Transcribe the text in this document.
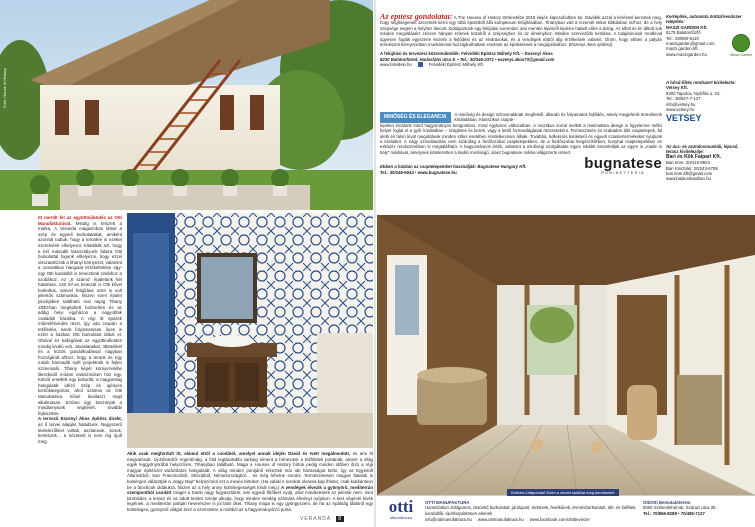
Fotó: House of History
Itt merült fel az együttműködés az Otti Manufaktúrával. Mindig is tetszett a márka. A Veranda magazinban láttuk a szép és egyedi burkolataikat, amiként azonnal tudtuk, hogy a terünkre is ezeket szeretnénk elhelyezni. Kitalálták azt, hogy a két második lakosztályunk falaira Otti burkolattal fogunk elhelyezni, hogy ezzel visszaidézzük a tihanyi környezet, valamint a romantikus hangulat érzékeltetése egy-egy Otti kandallót is terveztünk szabihoz a szobához. Az „6 számú” épületünk két hatalmas, 120 m²-es teraszát is Otti kővel burkoltuk, amivel felújítása szint is volt jelentős számunkra, hiszen ezen épület pincéjében található mai napig Tihany 1830-ban megépített borborítés és az addig helyi egyházon a nagyobbik családok házaiba. A régi itt épszek műemlékvédeti részt, így oda csupán a tetőfedés, sarok folyamatosan, ilyen is ezért a házban Otti burkolatot láttuk el. Ottóval és kollégáival az együttműködés mindig kiváló volt. Javaslataikat, ötleteikkel és a közös gondolkodással nagyban hozzájárult ahhoz, hogy a terünk és egy másik harmadik nyílt projektünk is fejlen színvonalú. Tihany képét környezetébe illeszkedő módon valószínűsen hoz egy. Külsőt emellett egy kulturált, a magyarság hangulatát idéző szép és igényes biztrókategórias, ahol számos az Otti Manufaktúra kővel kiválaszt majd alkalmasan. Ezúton úgy köszönjük a mindannyiunk segítését, további fejlesztése.
A tervező Eszenyi Ákos építész direkt, az ő tervei alapján haladtunk. Nagyszerű kivitelezőkkel voltak, asztalosok, ácsok, kertészek… a nézetető is nem rég újult meg.
Akik csak megfordult itt, elámul ettől a csodától, amelyet annak idején Dávid és Ivett megálmodott, és ami ítt megvalósult. Új-Zélandról Argentínáig, a föld legtávolabbi sarkaig elment a hírnevünk a külföldiek portának, amiért a világ egyik leggyönyörűbb helyszínén, Tihanyban található. Maga a Houses of History bírtok pedig minden időben őrizi a régi magyar építészet varázslatos hangulatát. A világ minden pontjáról érkeztek már ide házasságot kötni, így az Egyesült Államokból, San Franciscóból, Skóciából, Németországból… és még lehetne sorolni. Természetesen magyar fiatalok is bolsérgen választják a „Nagy Nap” helyszínéül ezt a mesés birtokot. (Ha valaki e sorokat olvasva kap ihletet, csak kukkantson be a facebook oldalukra, hiszen az a hely annyi különlegességet kínál még.) A vendégek élvezik a gyönyörű, mediterrán szempontból csodált zsaget a Sanki nagy fogyasztókör, ami egyedi fűtőkert nyújt, ahol mindenkinek ez jelentik nem, mint bimbóidet, a terasz és az adott terület szintje alkotja, hogy minden vendég számára élményt nyújtson. A kert végénél kivék legelnek, a mediterrán partján heverészve is jól látni őket. Tihany maga is egy gyöngyszem, de ha az Apátság tábláról egy különleges, gyönyörű világot érez a szemünkre a múltból az a hagyományőrző porta.
VERANDA 8
Az építész gondolatai: A The Houses of History történetébe 2019 elején kapcsolódtam be. Dávidék azzal a kéréssel kerestek meg, hogy segítségemet szeretnék kérni egy több épületből álló komplexum felújításában. Tihanyban várt a rezervét ekkor kilátásban vízhez, de a hely szépsége engem a helyhez láncolt. Kidolgoztunk egy felújítási sorrendet, ami mentén lépésről lépésre haladt előre a dolog. Az elfelt és én álltott sok minden megoldásért. Hiszen hányan értenek közelről a szépséghez és az élményhez. Minden szerveződs kérdésa. A tulajdonosok rendkívül ügyesen fogták egyszerre kezelni a fejlődést és az elvárásokat, és a vendégek ebből alig érzékelnek valamit. Öröm, hogy ebben a pályán természeti környezetben munkámmal hozzájárulhattam ezeknek az épületeknek a megújulásához. (Eszenyi Ákos építész)
A felújítási és tervezési közreműködők: Felvidéki Építész Műhely Kft. – Eszenyi Ákos
8230 Balatonfüred, Hadasfalvi utca 8. • Tel.: 30/346-2371 • eszenyi.akos73@gmail.com
www.felvideki.hu	Felvidéki Építész Műhely Kft.
MINŐSÉG ÉS ELEGANCIA	A minőség és design színvonalának megfelelő, állandó és folyamatos fejlődés, amely megjelenik termékeink kínálatában. Klasszikus csapte-
lepeket kínálunk mind hagyományos kerigombos, mind egykaros változatban. A rusztikus sorral mellett a minimalista design is figyelemre méltó helyet foglal el a gyűr kínálatban – szögletes és kerek, vagy a kettő formavilágának ötvözeteként. Termesztetés és szabadon álló csaptelepek, fal aletti és falon kívül megoldások minden stílus esetében rendelkezésre állnak. Továbbá, kollekciós karakterű és egyedi szanitertermékeket nyújtunk a kínálatot. A nagy színválasztás nem kizárólag a fürdőszobai csaptelepekben, de a fürdőszobai kiegészítőkben, konyhai csaptelepekben és exkluzív rendszerekben is megtalálható. A hagyományos érték, valamint a minőségi szolgáltatás egyre inkább összeköljük az egyre is „made in Italy” márkával, amelynek kötelezetten a kiváló minőségű, olasz bugnatese márka világszerte ismert.
Ebben a házban az csaptelepeinket használják: Bugnatese Hungary Kft.
Tel.: 30/346-6044 • www.bugnatese.hu
bugnatese
RUBINETTERIA
Kertépítés, automata öntözőrendszer telepítés:
MASZI GARDEN Kft.
8175 Balatonfűzfő
Tel.: 20/590-6110
maszigarden@gmail.com
maszi.garden.kft.
www.maszigarden.hu	Maszi Garden
A hősű-fűtés rendszert kivitelezte:
Vetsey Kft.
8300 Tapolca, Nyárfás u. 23.
Tel.: 30/947-7-127
info@vetsey.hu
www.vetsey.hu
VETSEY
Az ács- és asztalosmunkák, lépcső, terasz kivitelezője:
Bari és Kök Faipari Kft.
Bari Imre: 20/415-9824
Bari Krisztián: 20/243-6795
bari.krek.kft@gmail.com
www.balatonkastilan.hu
Kedves Lettporvád! Ezen a címen találhat meg bennünket:
otti
Manufactura
OTTI MANUFAKTURA
Hamisítatlan zöldgumos, betonkő burkolatok, járólapok, térkövek, fenékűvek, termésbúrkolatok, dió- és falfélek, kandallók, építészpótkönen elemek
info@ottimanufaktura.hu www.ottimanufaktura.hu www.facebook.com/ottibeviezer
OttiOtti Bemutatóterem
8000 Székesfehérvár, Szárazi utca 30.
Tel.: 70/866-8288 • 70/485-7127
